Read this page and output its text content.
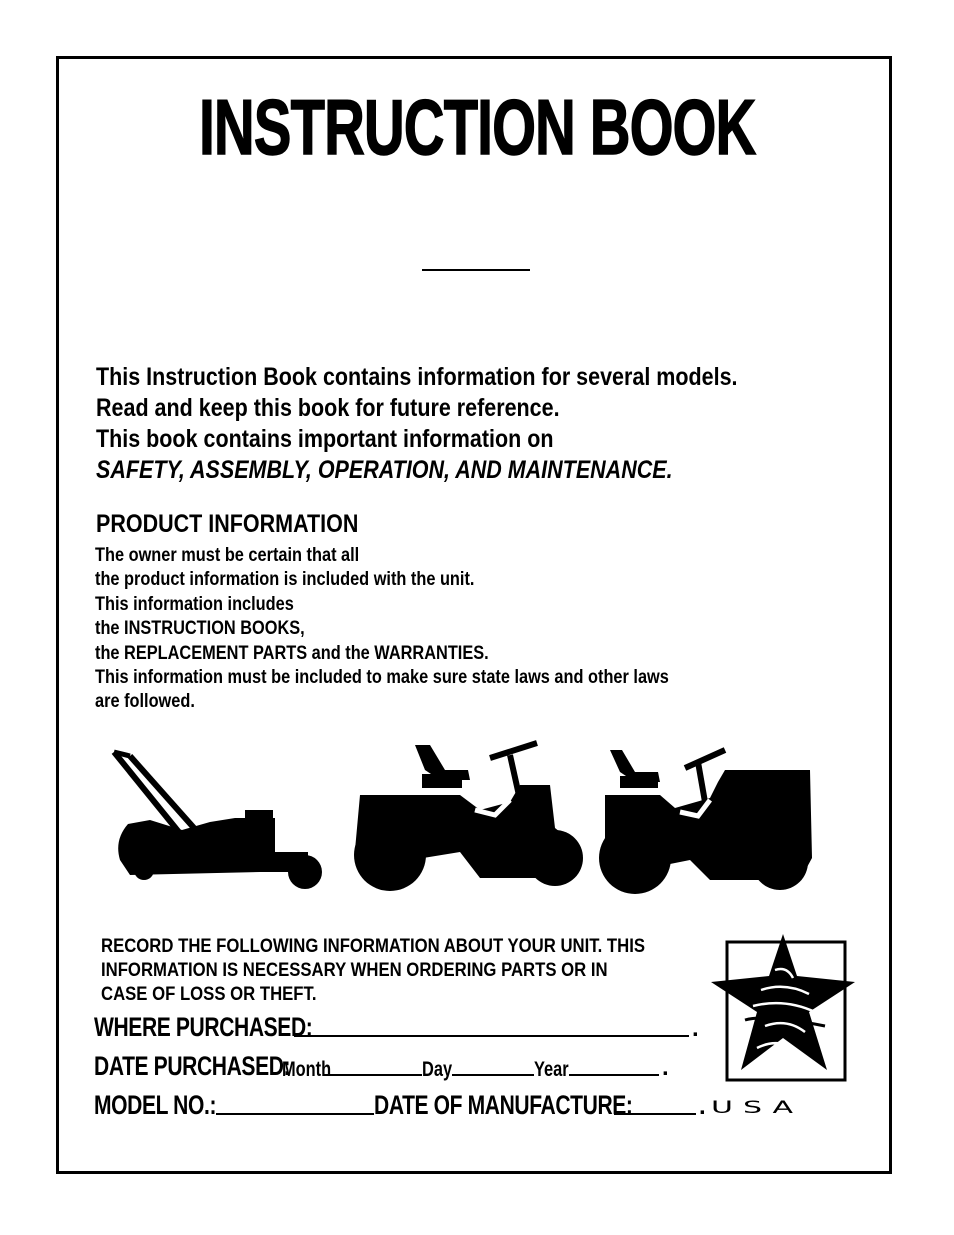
INSTRUCTION BOOK
This Instruction Book contains information for several models.
Read and keep this book for future reference.
This book contains important information on
SAFETY, ASSEMBLY, OPERATION, AND MAINTENANCE.
PRODUCT INFORMATION
The owner must be certain that all
the product information is included with the unit.
This information includes
the INSTRUCTION BOOKS,
the REPLACEMENT PARTS and the WARRANTIES.
This information must be included to make sure state laws and other laws
are followed.
RECORD THE FOLLOWING INFORMATION ABOUT YOUR UNIT. THIS
INFORMATION IS NECESSARY WHEN ORDERING PARTS OR IN
CASE OF LOSS OR THEFT.
WHERE PURCHASED:	.
DATE PURCHASED:
Month	Day	Year	.
MODEL NO.:	DATE OF MANUFACTURE:	. USA
